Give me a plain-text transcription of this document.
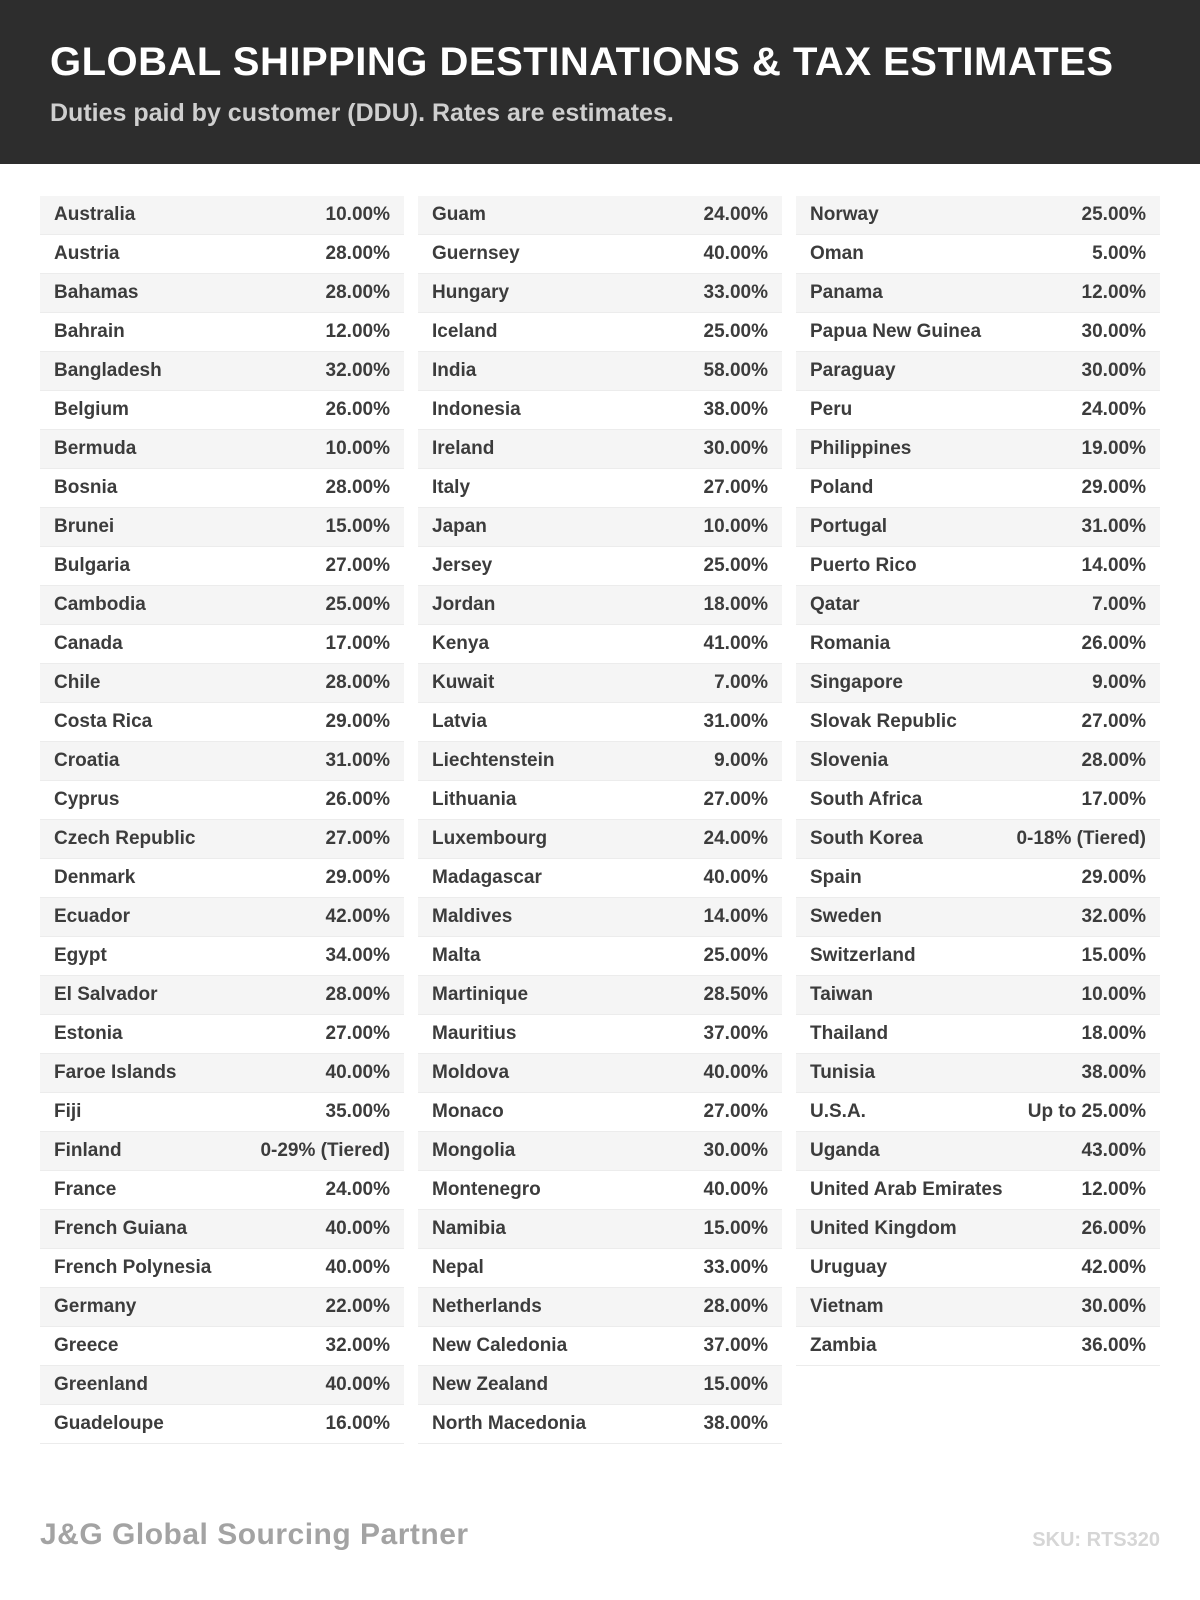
GLOBAL SHIPPING DESTINATIONS & TAX ESTIMATES
Duties paid by customer (DDU). Rates are estimates.
Australia	10.00%
Austria	28.00%
Bahamas	28.00%
Bahrain	12.00%
Bangladesh	32.00%
Belgium	26.00%
Bermuda	10.00%
Bosnia	28.00%
Brunei	15.00%
Bulgaria	27.00%
Cambodia	25.00%
Canada	17.00%
Chile	28.00%
Costa Rica	29.00%
Croatia	31.00%
Cyprus	26.00%
Czech Republic	27.00%
Denmark	29.00%
Ecuador	42.00%
Egypt	34.00%
El Salvador	28.00%
Estonia	27.00%
Faroe Islands	40.00%
Fiji	35.00%
Finland	0-29% (Tiered)
France	24.00%
French Guiana	40.00%
French Polynesia	40.00%
Germany	22.00%
Greece	32.00%
Greenland	40.00%
Guadeloupe	16.00%
Guam	24.00%
Guernsey	40.00%
Hungary	33.00%
Iceland	25.00%
India	58.00%
Indonesia	38.00%
Ireland	30.00%
Italy	27.00%
Japan	10.00%
Jersey	25.00%
Jordan	18.00%
Kenya	41.00%
Kuwait	7.00%
Latvia	31.00%
Liechtenstein	9.00%
Lithuania	27.00%
Luxembourg	24.00%
Madagascar	40.00%
Maldives	14.00%
Malta	25.00%
Martinique	28.50%
Mauritius	37.00%
Moldova	40.00%
Monaco	27.00%
Mongolia	30.00%
Montenegro	40.00%
Namibia	15.00%
Nepal	33.00%
Netherlands	28.00%
New Caledonia	37.00%
New Zealand	15.00%
North Macedonia	38.00%
Norway	25.00%
Oman	5.00%
Panama	12.00%
Papua New Guinea	30.00%
Paraguay	30.00%
Peru	24.00%
Philippines	19.00%
Poland	29.00%
Portugal	31.00%
Puerto Rico	14.00%
Qatar	7.00%
Romania	26.00%
Singapore	9.00%
Slovak Republic	27.00%
Slovenia	28.00%
South Africa	17.00%
South Korea	0-18% (Tiered)
Spain	29.00%
Sweden	32.00%
Switzerland	15.00%
Taiwan	10.00%
Thailand	18.00%
Tunisia	38.00%
U.S.A.	Up to 25.00%
Uganda	43.00%
United Arab Emirates	12.00%
United Kingdom	26.00%
Uruguay	42.00%
Vietnam	30.00%
Zambia	36.00%
J&G Global Sourcing Partner	SKU: RTS320
